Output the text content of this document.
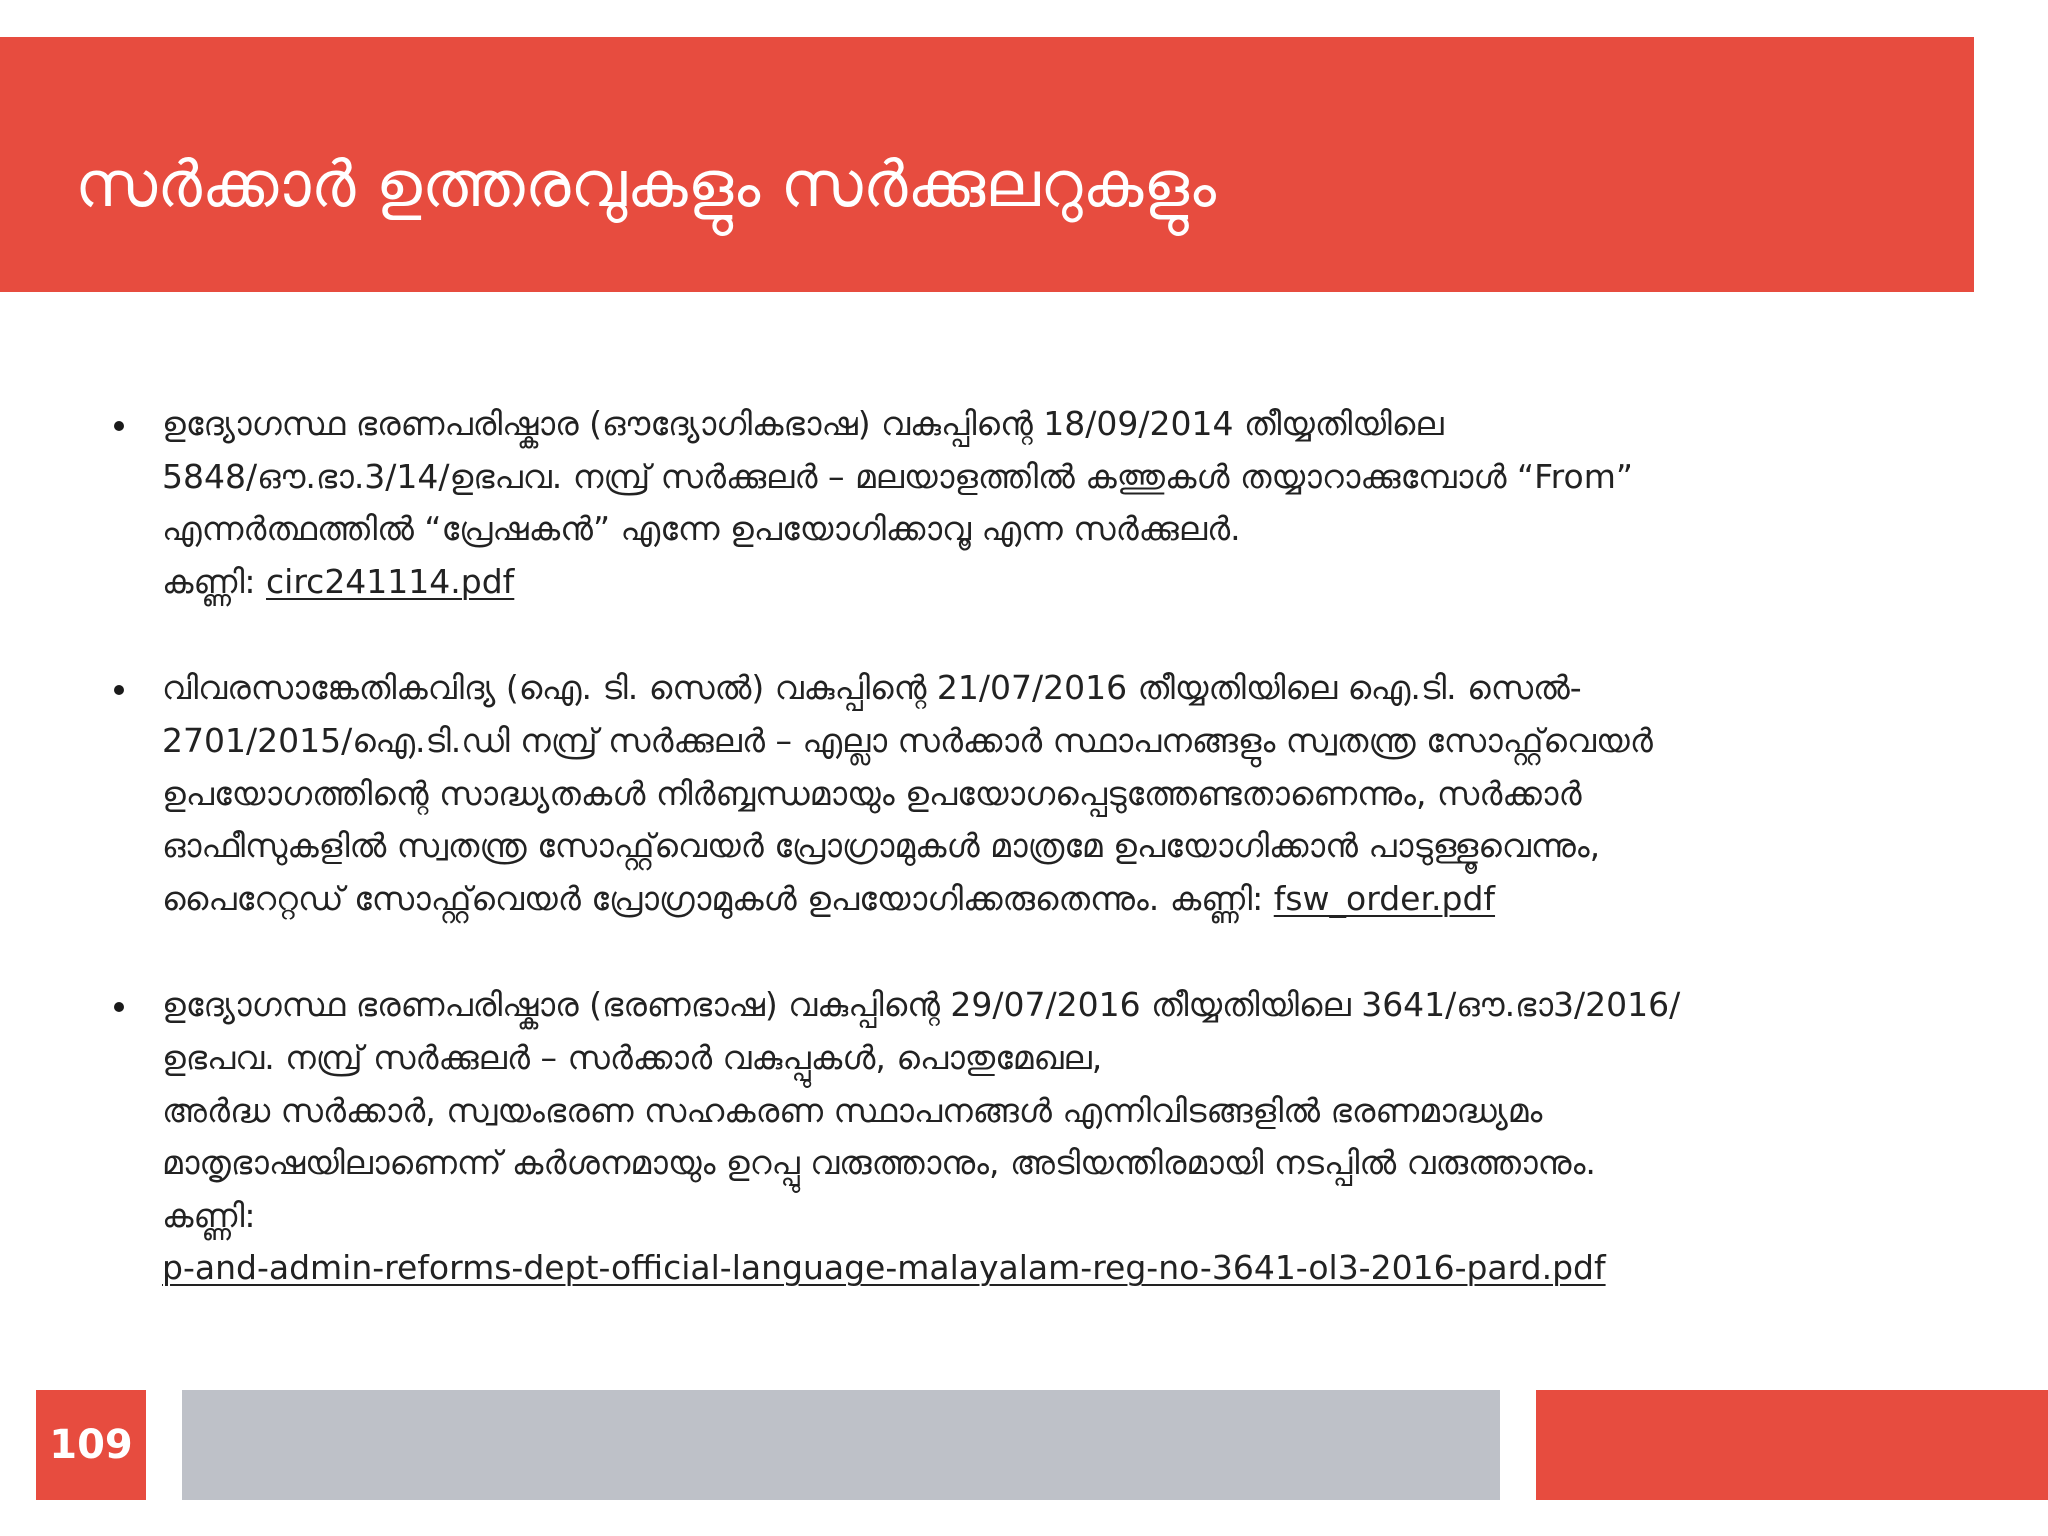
സർക്കാർ ഉത്തരവുകളും സർക്കുലറുകളും
ഉദ്യോഗസ്ഥ ഭരണപരിഷ്കാര (ഔദ്യോഗികഭാഷ) വകുപ്പിന്റെ 18/09/2014 തീയ്യതിയിലെ
5848/ഔ.ഭാ.3/14/ഉഭപവ. നമ്പ്ര് സർക്കുലർ – മലയാളത്തിൽ കത്തുകൾ തയ്യാറാക്കുമ്പോൾ “From”
എന്നർത്ഥത്തിൽ “പ്രേഷകൻ” എന്നേ ഉപയോഗിക്കാവൂ എന്ന സർക്കുലർ.
കണ്ണി: circ241114.pdf
വിവരസാങ്കേതികവിദ്യ (ഐ. ടി. സെൽ) വകുപ്പിന്റെ 21/07/2016 തീയ്യതിയിലെ ഐ.ടി. സെൽ-
2701/2015/ഐ.ടി.ഡി നമ്പ്ര് സർക്കുലർ – എല്ലാ സർക്കാർ സ്ഥാപനങ്ങളും സ്വതന്ത്ര സോഫ്റ്റ്‌വെയർ
ഉപയോഗത്തിന്റെ സാദ്ധ്യതകൾ നിർബ്ബന്ധമായും ഉപയോഗപ്പെടുത്തേണ്ടതാണെന്നും, സർക്കാർ
ഓഫീസുകളിൽ സ്വതന്ത്ര സോഫ്റ്റ്‌വെയർ പ്രോഗ്രാമുകൾ മാത്രമേ ഉപയോഗിക്കാൻ പാടുള്ളൂവെന്നും,
പൈറേറ്റഡ് സോഫ്റ്റ്‌വെയർ പ്രോഗ്രാമുകൾ ഉപയോഗിക്കരുതെന്നും. കണ്ണി: fsw_order.pdf
ഉദ്യോഗസ്ഥ ഭരണപരിഷ്കാര (ഭരണഭാഷ) വകുപ്പിന്റെ 29/07/2016 തീയ്യതിയിലെ 3641/ഔ.ഭാ3/2016/
ഉഭപവ. നമ്പ്ര് സർക്കുലർ – സർക്കാർ വകുപ്പുകൾ, പൊതുമേഖല,
അർദ്ധ സർക്കാർ, സ്വയംഭരണ സഹകരണ സ്ഥാപനങ്ങൾ എന്നിവിടങ്ങളിൽ ഭരണമാദ്ധ്യമം
മാതൃഭാഷയിലാണെന്ന് കർശനമായും ഉറപ്പു വരുത്താനും, അടിയന്തിരമായി നടപ്പിൽ വരുത്താനും.
കണ്ണി:
p-and-admin-reforms-dept-official-language-malayalam-reg-no-3641-ol3-2016-pard.pdf
109
